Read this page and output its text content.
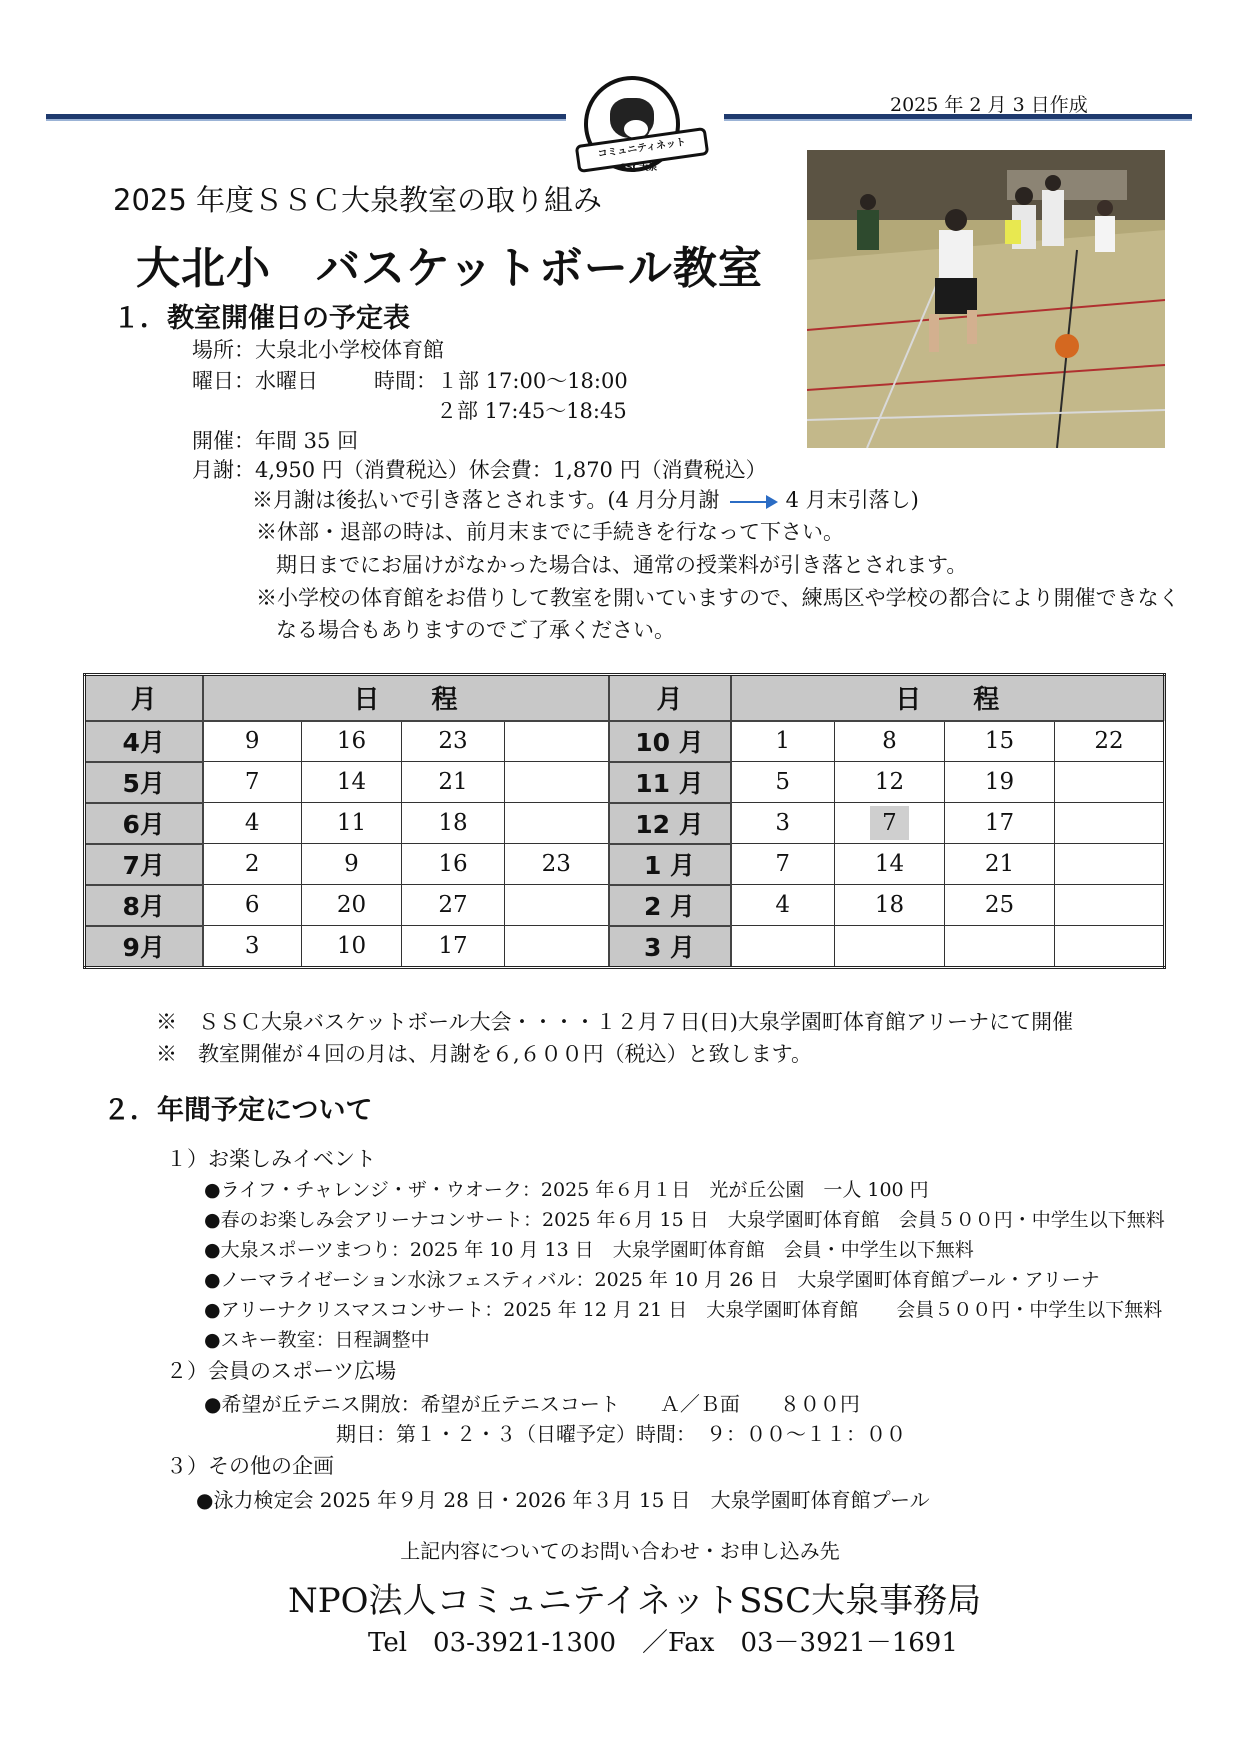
コミュニティネット
SSC大泉
2025 年 2 月 3 日作成
2025 年度ＳＳＣ大泉教室の取り組み
大北小　バスケットボール教室
１．教室開催日の予定表
場所：大泉北小学校体育館
曜日：水曜日	時間：１部 17:00～18:00
２部 17:45～18:45
開催：年間 35 回
月謝：4,950 円（消費税込）休会費：1,870 円（消費税込）
※月謝は後払いで引き落とされます。(4 月分月謝	4 月末引落し)
※休部・退部の時は、前月末までに手続きを行なって下さい。
期日までにお届けがなかった場合は、通常の授業料が引き落とされます。
※小学校の体育館をお借りして教室を開いていますので、練馬区や学校の都合により開催できなく
なる場合もありますのでご了承ください。
月	日　　程				月	日　　程			
4月	9	16	23		10 月	1	8	15	22
5月	7	14	21		11 月	5	12	19	
6月	4	11	18		12 月	3	7	17	
7月	2	9	16	23	1 月	7	14	21	
8月	6	20	27		2 月	4	18	25	
9月	3	10	17		3 月				
※　ＳＳＣ大泉バスケットボール大会・・・・１２月７日(日)大泉学園町体育館アリーナにて開催
※　教室開催が４回の月は、月謝を６,６００円（税込）と致します。
２．年間予定について
１）お楽しみイベント
●ライフ・チャレンジ・ザ・ウオーク：2025 年６月１日　光が丘公園　一人 100 円
●春のお楽しみ会アリーナコンサート：2025 年６月 15 日　大泉学園町体育館　会員５００円・中学生以下無料
●大泉スポーツまつり：2025 年 10 月 13 日　大泉学園町体育館　会員・中学生以下無料
●ノーマライゼーション水泳フェスティバル：2025 年 10 月 26 日　大泉学園町体育館プール・アリーナ
●アリーナクリスマスコンサート：2025 年 12 月 21 日　大泉学園町体育館　　会員５００円・中学生以下無料
●スキー教室：日程調整中
２）会員のスポーツ広場
●希望が丘テニス開放：希望が丘テニスコート　　Ａ／Ｂ面　　８００円
期日：第１・２・３（日曜予定）時間：　９：００～１１：００
３）その他の企画
●泳力検定会 2025 年９月 28 日・2026 年３月 15 日　大泉学園町体育館プール
上記内容についてのお問い合わせ・お申し込み先
NPO法人コミュニテイネットSSC大泉事務局
Tel　03-3921-1300　／Fax　03－3921－1691
